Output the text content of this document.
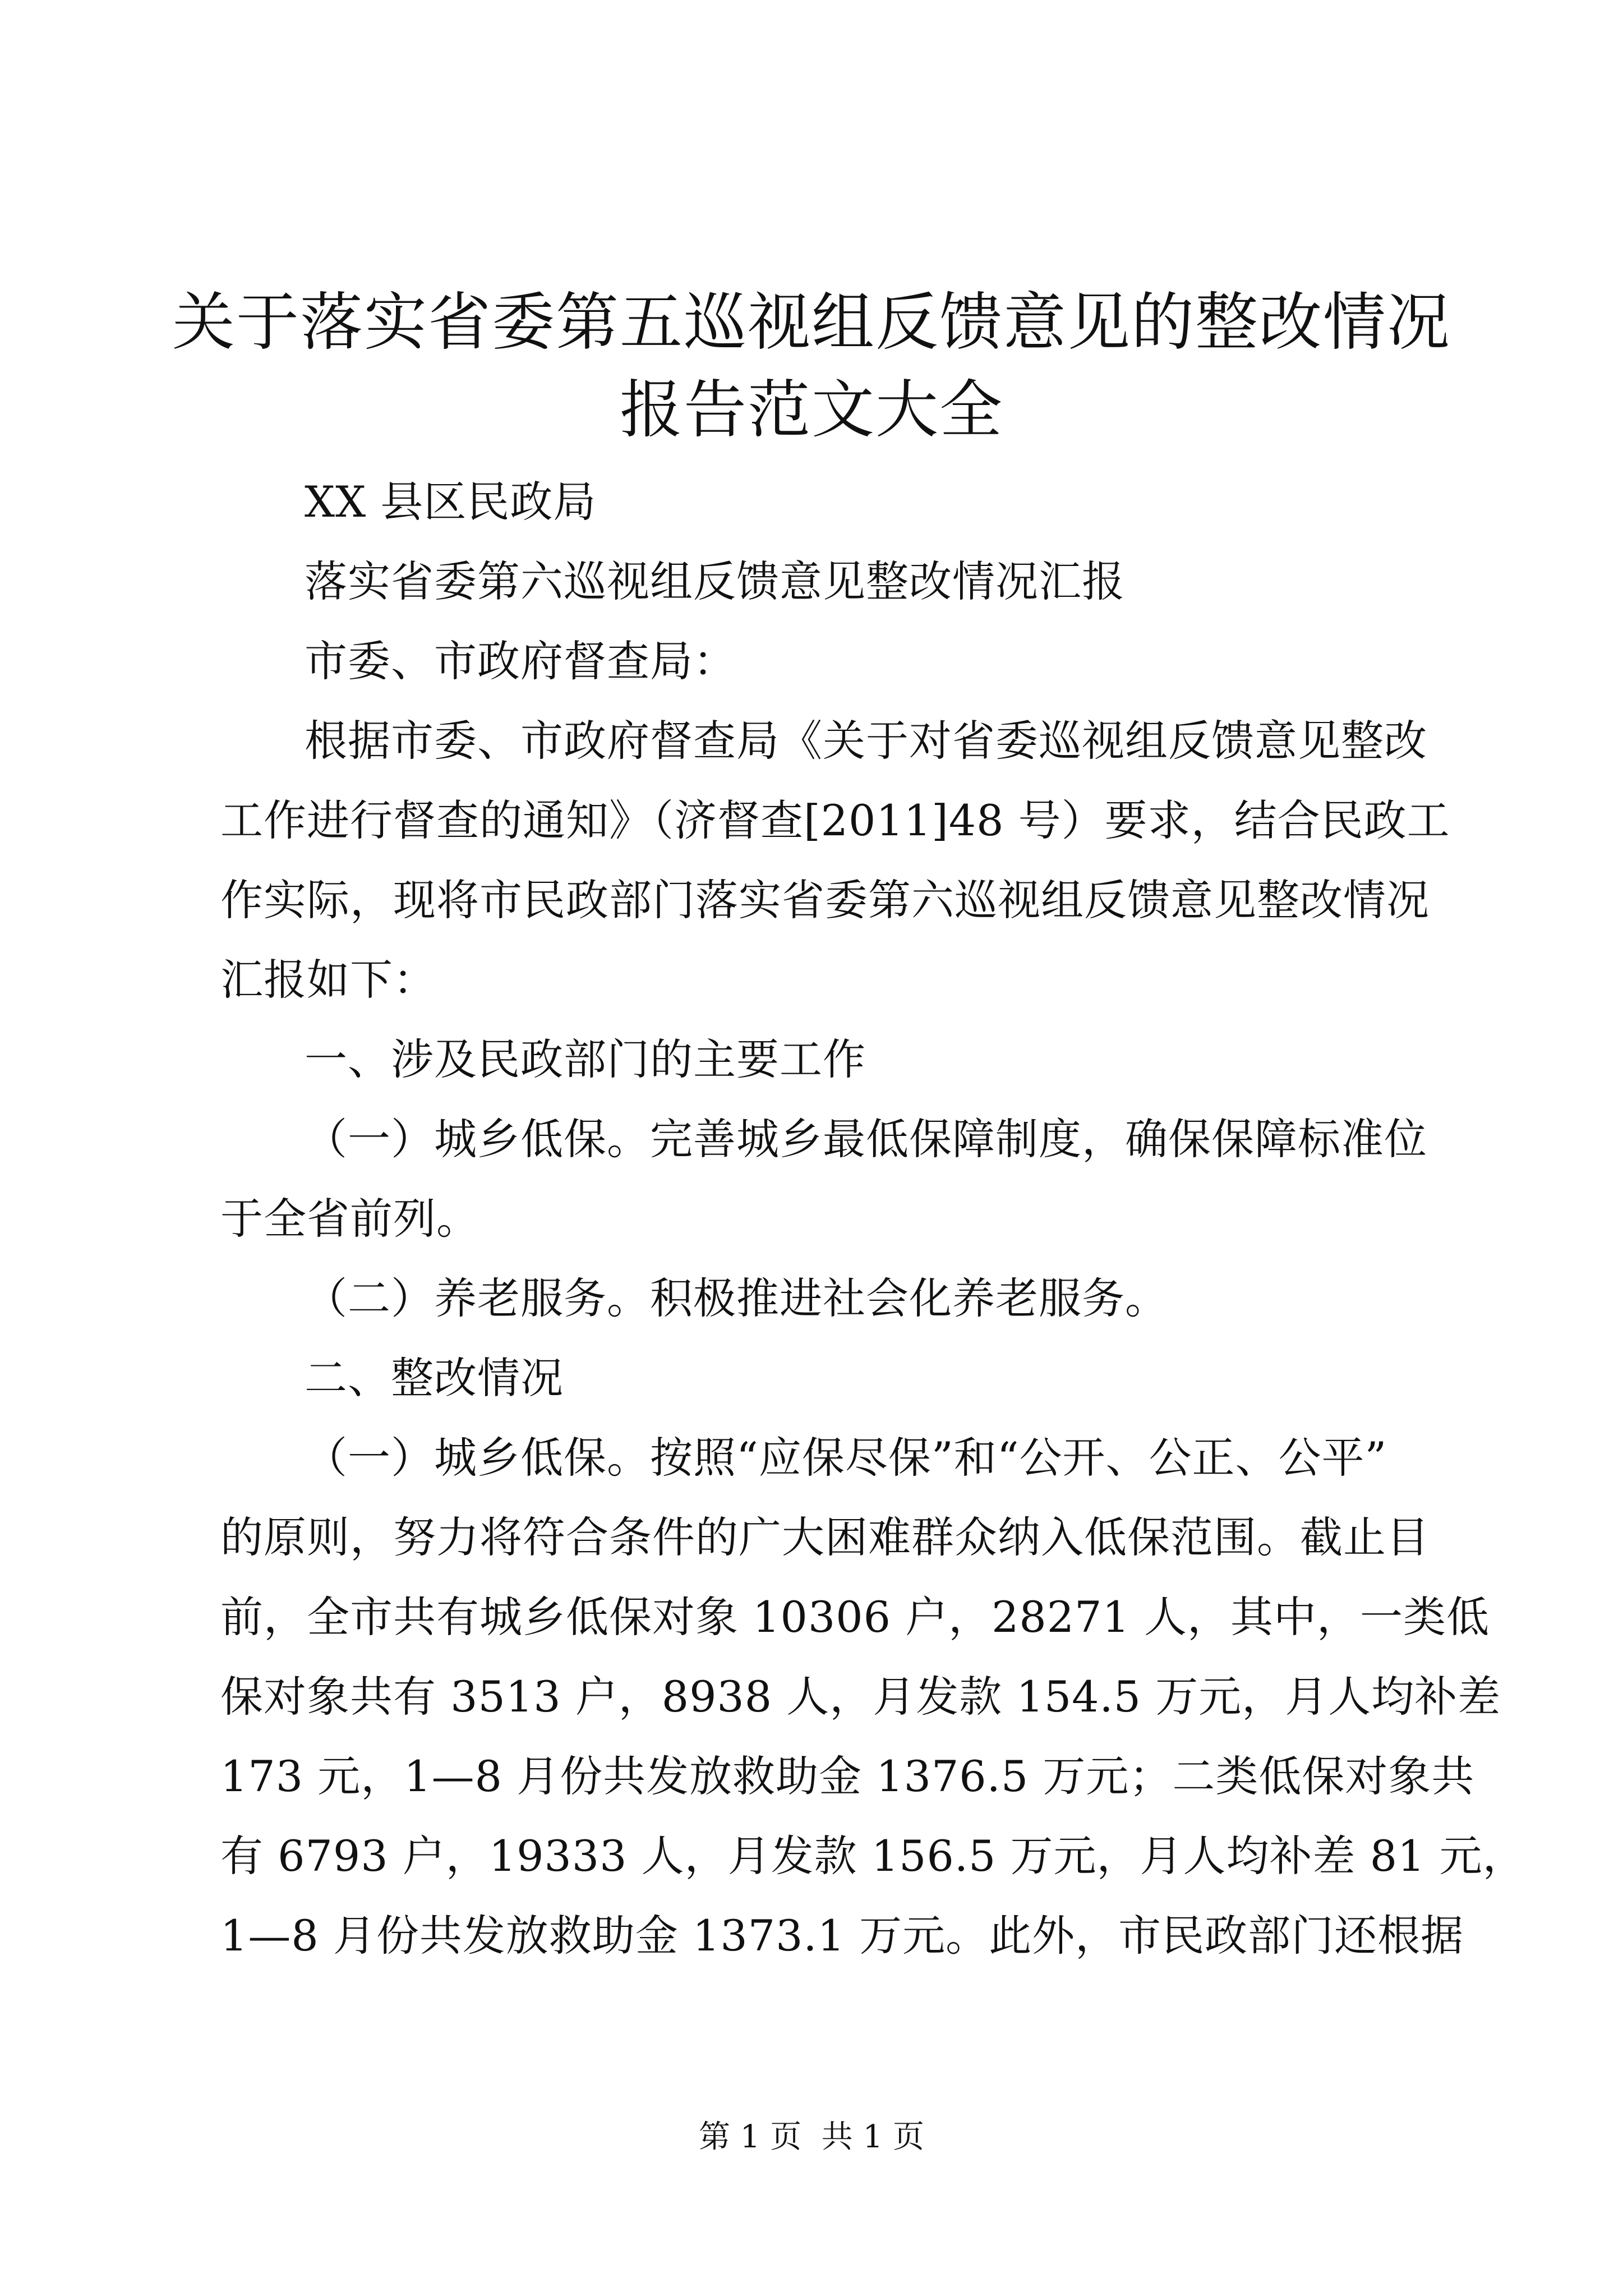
关于落实省委第五巡视组反馈意见的整改情况
报告范文大全
XX 县区民政局
落实省委第六巡视组反馈意见整改情况汇报
市委、市政府督查局：
根据市委、市政府督查局《关于对省委巡视组反馈意见整改
工作进行督查的通知》（济督查[2011]48 号）要求，结合民政工
作实际，现将市民政部门落实省委第六巡视组反馈意见整改情况
汇报如下：
一、涉及民政部门的主要工作
（一）城乡低保。完善城乡最低保障制度，确保保障标准位
于全省前列。
（二）养老服务。积极推进社会化养老服务。
二、整改情况
（一）城乡低保。按照“应保尽保”和“公开、公正、公平”
的原则，努力将符合条件的广大困难群众纳入低保范围。截止目
前，全市共有城乡低保对象 10306 户，28271 人，其中，一类低
保对象共有 3513 户，8938 人，月发款 154.5 万元，月人均补差
173 元，1—8 月份共发放救助金 1376.5 万元；二类低保对象共
有 6793 户，19333 人，月发款 156.5 万元，月人均补差 81 元，
1—8 月份共发放救助金 1373.1 万元。此外，市民政部门还根据
第 1 页  共 1 页
